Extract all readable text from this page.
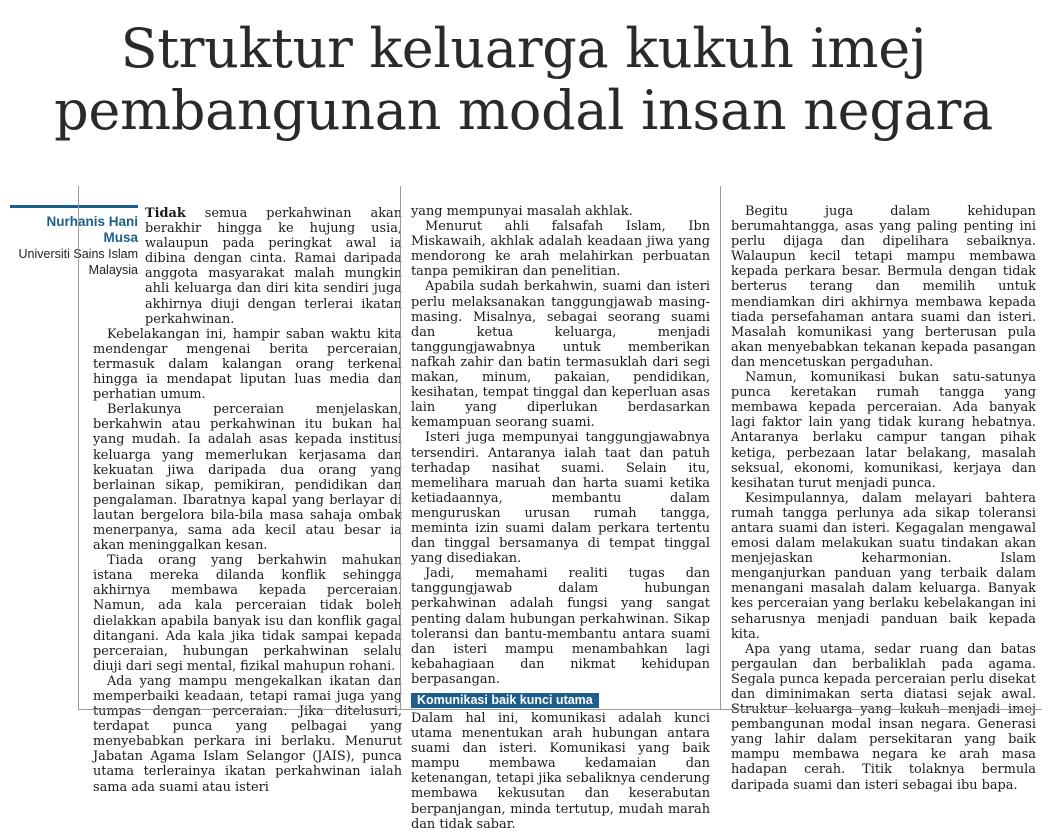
Struktur keluarga kukuh imej pembangunan modal insan negara
Nurhanis Hani Musa
Universiti Sains Islam Malaysia

Tidak semua perkahwinan akan berakhir hingga ke hujung usia, walaupun pada peringkat awal ia dibina dengan cinta. Ramai daripada anggota masyarakat malah mungkin ahli keluarga dan diri kita sendiri juga akhirnya diuji dengan terlerai ikatan perkahwinan.

Kebelakangan ini, hampir saban waktu kita mendengar mengenai berita perceraian, termasuk dalam kalangan orang terkenal hingga ia mendapat liputan luas media dan perhatian umum.

Berlakunya perceraian menjelaskan, berkahwin atau perkahwinan itu bukan hal yang mudah. Ia adalah asas kepada institusi keluarga yang memerlukan kerjasama dan kekuatan jiwa daripada dua orang yang berlainan sikap, pemikiran, pendidikan dan pengalaman. Ibaratnya kapal yang berlayar di lautan bergelora bila-bila masa sahaja ombak menerpanya, sama ada kecil atau besar ia akan meninggalkan kesan.

Tiada orang yang berkahwin mahukan istana mereka dilanda konflik sehingga akhirnya membawa kepada perceraian. Namun, ada kala perceraian tidak boleh dielakkan apabila banyak isu dan konflik gagal ditangani. Ada kala jika tidak sampai kepada perceraian, hubungan perkahwinan selalu diuji dari segi mental, fizikal mahupun rohani.

Ada yang mampu mengekalkan ikatan dan memperbaiki keadaan, tetapi ramai juga yang tumpas dengan perceraian. Jika ditelusuri, terdapat punca yang pelbagai yang menyebabkan perkara ini berlaku. Menurut Jabatan Agama Islam Selangor (JAIS), punca utama terlerainya ikatan perkahwinan ialah sama ada suami atau isteri

yang mempunyai masalah akhlak.

Menurut ahli falsafah Islam, Ibn Miskawaih, akhlak adalah keadaan jiwa yang mendorong ke arah melahirkan perbuatan tanpa pemikiran dan penelitian.

Apabila sudah berkahwin, suami dan isteri perlu melaksanakan tanggungjawab masing-masing. Misalnya, sebagai seorang suami dan ketua keluarga, menjadi tanggungjawabnya untuk memberikan nafkah zahir dan batin termasuklah dari segi makan, minum, pakaian, pendidikan, kesihatan, tempat tinggal dan keperluan asas lain yang diperlukan berdasarkan kemampuan seorang suami.

Isteri juga mempunyai tanggungjawabnya tersendiri. Antaranya ialah taat dan patuh terhadap nasihat suami. Selain itu, memelihara maruah dan harta suami ketika ketiadaannya, membantu dalam menguruskan urusan rumah tangga, meminta izin suami dalam perkara tertentu dan tinggal bersamanya di tempat tinggal yang disediakan.

Jadi, memahami realiti tugas dan tanggungjawab dalam hubungan perkahwinan adalah fungsi yang sangat penting dalam hubungan perkahwinan. Sikap toleransi dan bantu-membantu antara suami dan isteri mampu menambahkan lagi kebahagiaan dan nikmat kehidupan berpasangan.

Komunikasi baik kunci utama

Dalam hal ini, komunikasi adalah kunci utama menentukan arah hubungan antara suami dan isteri. Komunikasi yang baik mampu membawa kedamaian dan ketenangan, tetapi jika sebaliknya cenderung membawa kekusutan dan keserabutan berpanjangan, minda tertutup, mudah marah dan tidak sabar.

Begitu juga dalam kehidupan berumahtangga, asas yang paling penting ini perlu dijaga dan dipelihara sebaiknya. Walaupun kecil tetapi mampu membawa kepada perkara besar. Bermula dengan tidak berterus terang dan memilih untuk mendiamkan diri akhirnya membawa kepada tiada persefahaman antara suami dan isteri. Masalah komunikasi yang berterusan pula akan menyebabkan tekanan kepada pasangan dan mencetuskan pergaduhan.

Namun, komunikasi bukan satu-satunya punca keretakan rumah tangga yang membawa kepada perceraian. Ada banyak lagi faktor lain yang tidak kurang hebatnya. Antaranya berlaku campur tangan pihak ketiga, perbezaan latar belakang, masalah seksual, ekonomi, komunikasi, kerjaya dan kesihatan turut menjadi punca.

Kesimpulannya, dalam melayari bahtera rumah tangga perlunya ada sikap toleransi antara suami dan isteri. Kegagalan mengawal emosi dalam melakukan suatu tindakan akan menjejaskan keharmonian. Islam menganjurkan panduan yang terbaik dalam menangani masalah dalam keluarga. Banyak kes perceraian yang berlaku kebelakangan ini seharusnya menjadi panduan baik kepada kita.

Apa yang utama, sedar ruang dan batas pergaulan dan berbaliklah pada agama. Segala punca kepada perceraian perlu disekat dan diminimakan serta diatasi sejak awal. Struktur keluarga yang kukuh menjadi imej pembangunan modal insan negara. Generasi yang lahir dalam persekitaran yang baik mampu membawa negara ke arah masa hadapan cerah. Titik tolaknya bermula daripada suami dan isteri sebagai ibu bapa.
